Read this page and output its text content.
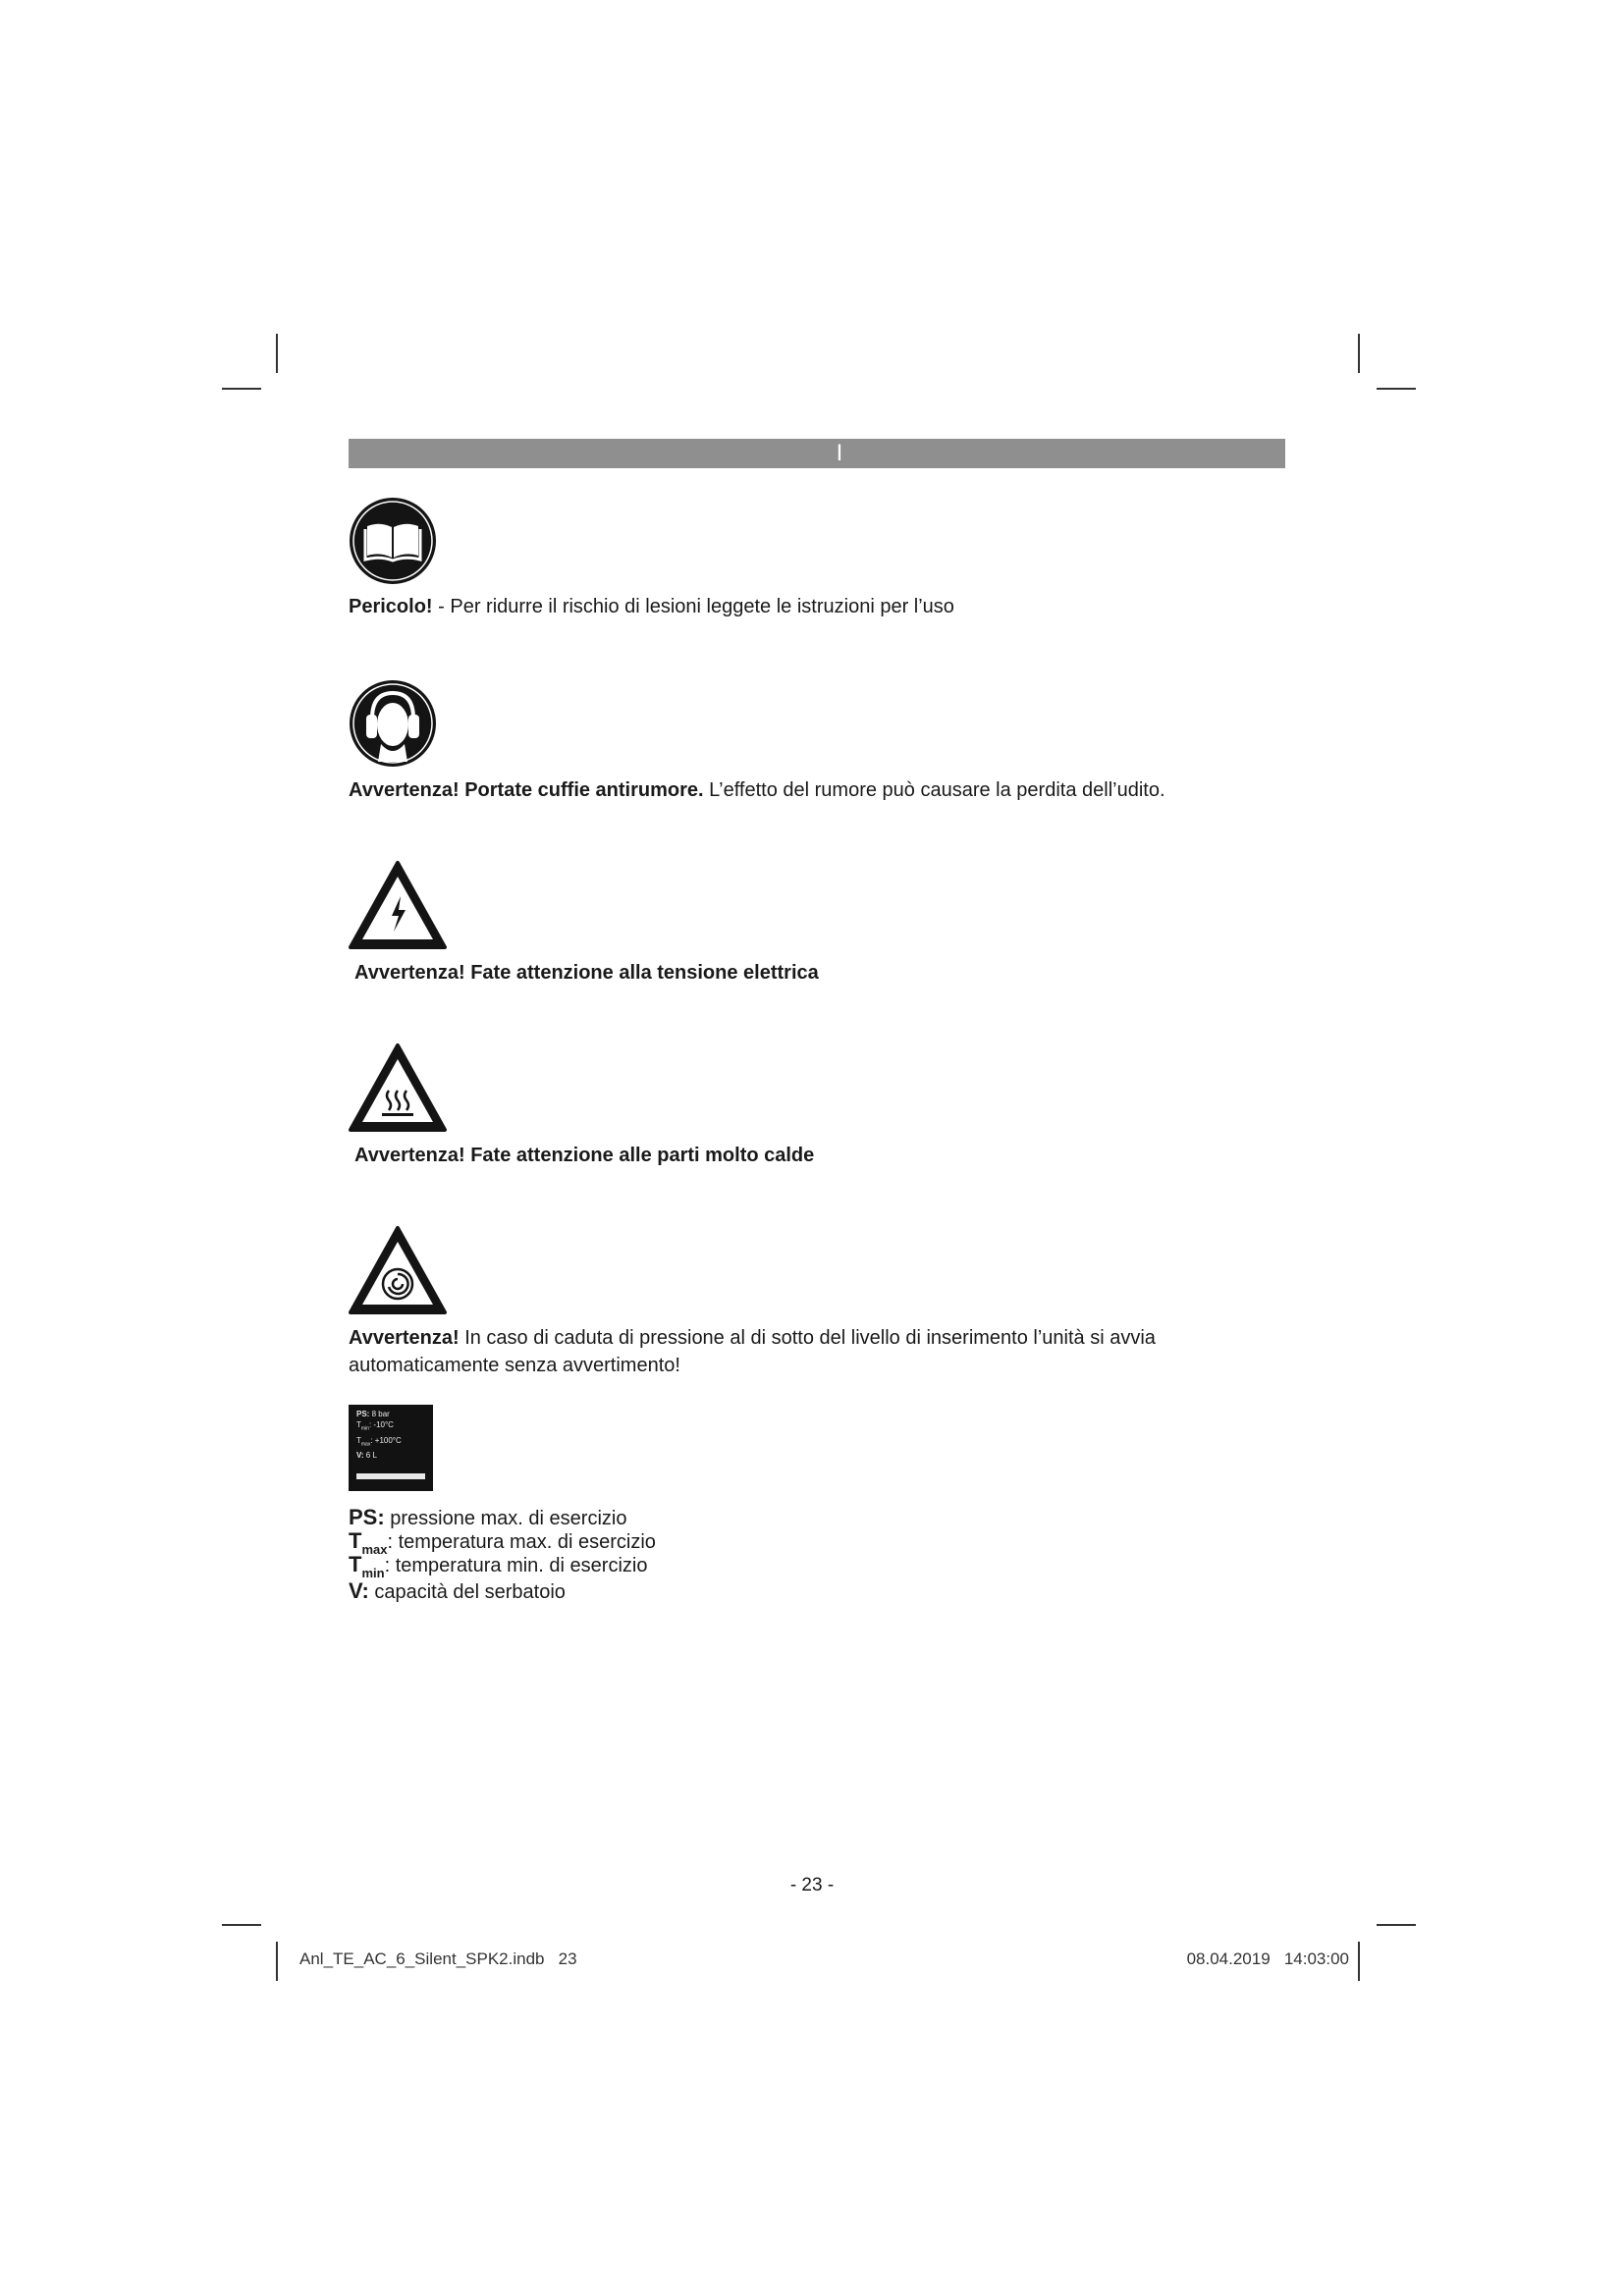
I
Pericolo! - Per ridurre il rischio di lesioni leggete le istruzioni per l’uso
Avvertenza! Portate cuffie antirumore. L’effetto del rumore può causare la perdita dell’udito.
Avvertenza! Fate attenzione alla tensione elettrica
Avvertenza! Fate attenzione alle parti molto calde
Avvertenza! In caso di caduta di pressione al di sotto del livello di inserimento l’unità si avvia automaticamente senza avvertimento!
PS: 8 bar
$T_{min}$: -10°C
$T_{max}$: +100°C
V: 6 L
PS: pressione max. di esercizio
$T_{max}$: temperatura max. di esercizio
$T_{min}$: temperatura min. di esercizio
V: capacità del serbatoio
- 23 -
Anl_TE_AC_6_Silent_SPK2.indb   23	08.04.2019   14:03:00
